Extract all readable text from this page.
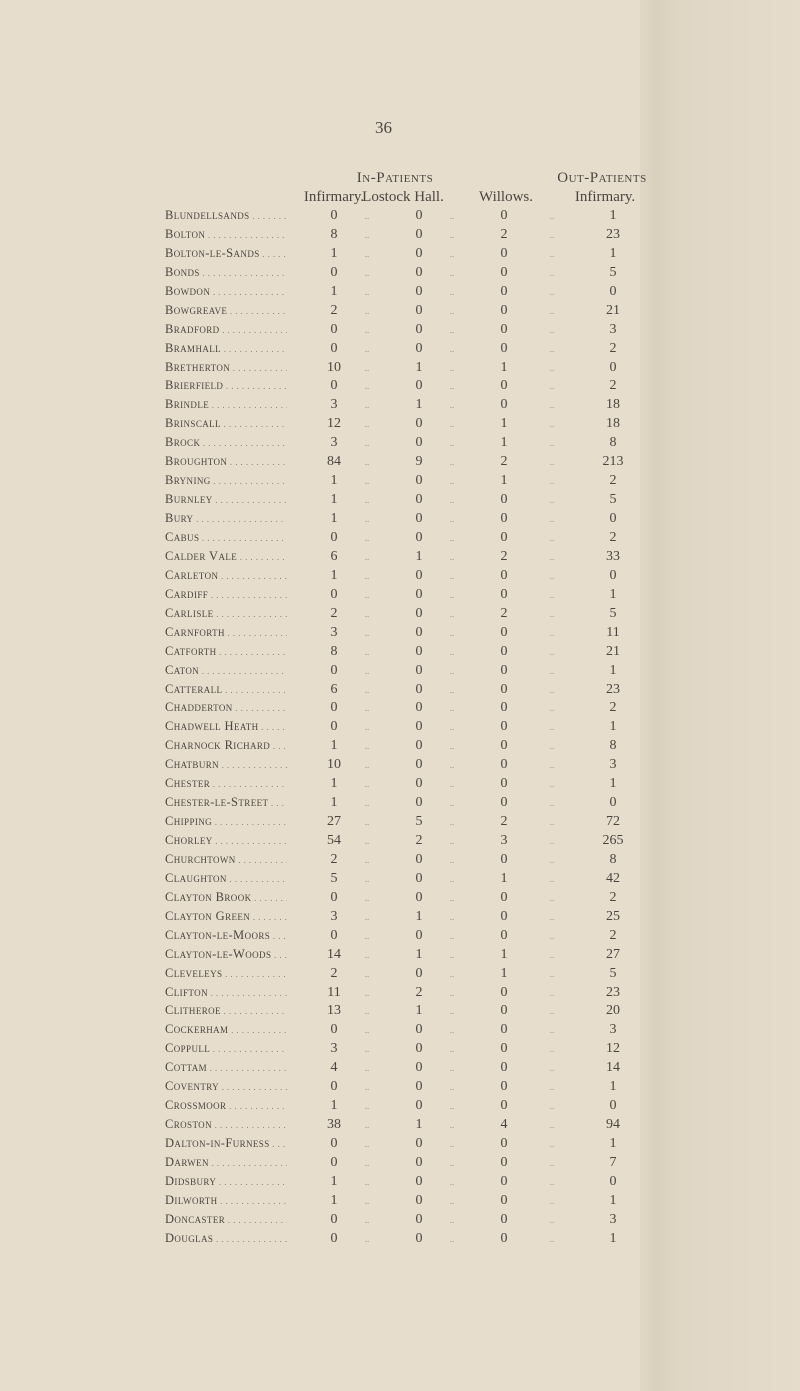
36
In-Patients	Out-Patients
Infirmary.
Lostock Hall. Willows.	Infirmary.
Blundellsands . . .	0	0	0	1
..	..	..
Bolton . . .	8	0	2	23
..	..	..
Bolton-le-Sands . . .	1	0	0	1
..	..	..
Bonds . . .	0	0	0	5
..	..	..
Bowdon . . .	1	0	0	0
..	..	..
Bowgreave . . .	2	0	0	21
..	..	..
Bradford . . .	0	0	0	3
..	..	..
Bramhall . . .	0	0	0	2
..	..	..
Bretherton . . .	10	1	1	0
..	..	..
Brierfield . . .	0	0	0	2
..	..	..
Brindle . . .	3	1	0	18
..	..	..
Brinscall . . .	12	0	1	18
..	..	..
Brock . . .	3	0	1	8
..	..	..
Broughton . . .	84	9	2	213
..	..	..
Bryning . . .	1	0	1	2
..	..	..
Burnley . . .	1	0	0	5
..	..	..
Bury . . .	1	0	0	0
..	..	..
Cabus . . .	0	0	0	2
..	..	..
Calder Vale . . .	6	1	2	33
..	..	..
Carleton . . .	1	0	0	0
..	..	..
Cardiff . . .	0	0	0	1
..	..	..
Carlisle . . .	2	0	2	5
..	..	..
Carnforth . . .	3	0	0	11
..	..	..
Catforth . . .	8	0	0	21
..	..	..
Caton . . .	0	0	0	1
..	..	..
Catterall . . .	6	0	0	23
..	..	..
Chadderton . . .	0	0	0	2
..	..	..
Chadwell Heath . . .	0	0	0	1
..	..	..
Charnock Richard . . .	1	0	0	8
..	..	..
Chatburn . . .	10	0	0	3
..	..	..
Chester . . .	1	0	0	1
..	..	..
Chester-le-Street . . .	1	0	0	0
..	..	..
Chipping . . .	27	5	2	72
..	..	..
Chorley . . .	54	2	3	265
..	..	..
Churchtown . . .	2	0	0	8
..	..	..
Claughton . . .	5	0	1	42
..	..	..
Clayton Brook . . .	0	0	0	2
..	..	..
Clayton Green . . .	3	1	0	25
..	..	..
Clayton-le-Moors . . .	0	0	0	2
..	..	..
Clayton-le-Woods . . .	14	1	1	27
..	..	..
Cleveleys . . .	2	0	1	5
..	..	..
Clifton . . .	11	2	0	23
..	..	..
Clitheroe . . .	13	1	0	20
..	..	..
Cockerham . . .	0	0	0	3
..	..	..
Coppull . . .	3	0	0	12
..	..	..
Cottam . . .	4	0	0	14
..	..	..
Coventry . . .	0	0	0	1
..	..	..
Crossmoor . . .	1	0	0	0
..	..	..
Croston . . .	38	1	4	94
..	..	..
Dalton-in-Furness . . .	0	0	0	1
..	..	..
Darwen . . .	0	0	0	7
..	..	..
Didsbury . . .	1	0	0	0
..	..	..
Dilworth . . .	1	0	0	1
..	..	..
Doncaster . . .	0	0	0	3
..	..	..
Douglas . . .	0	0	0	1
..	..	..
